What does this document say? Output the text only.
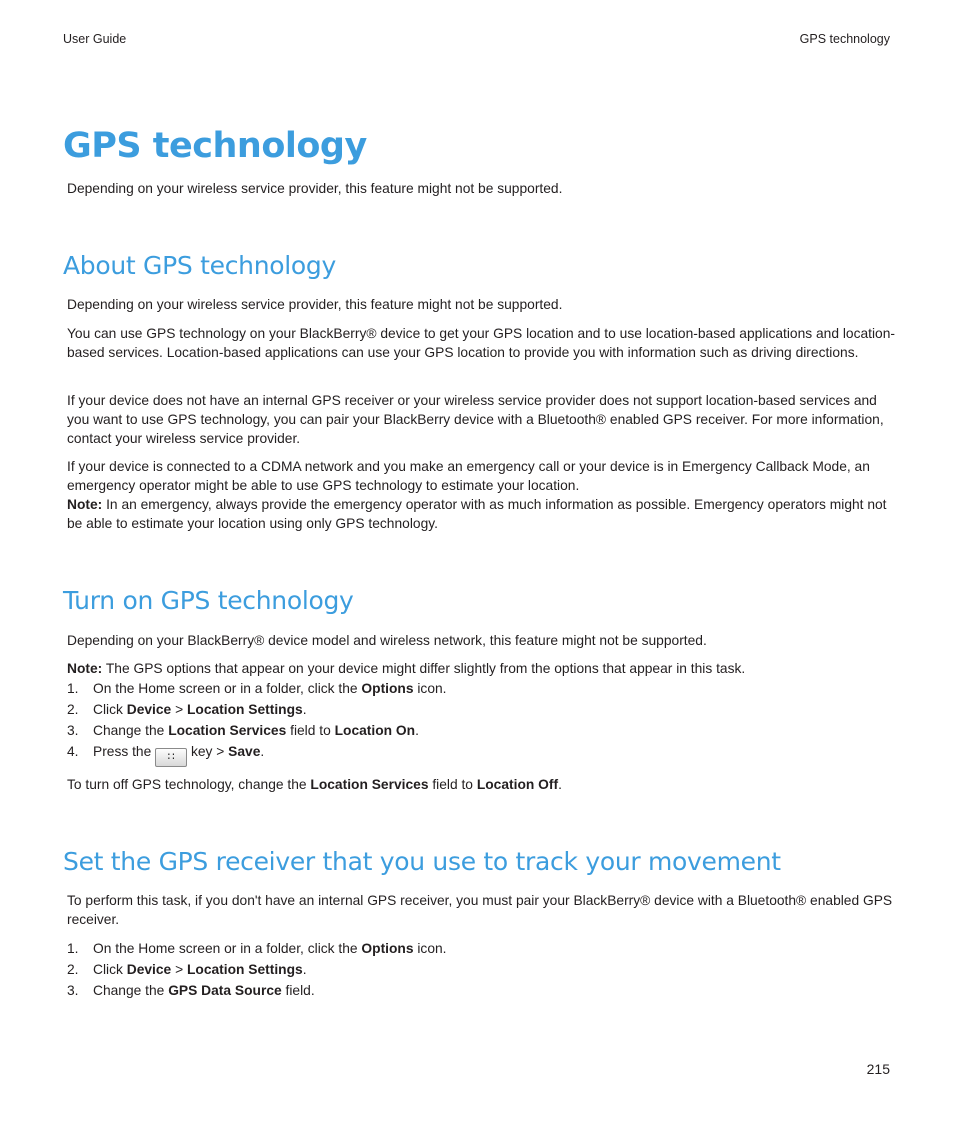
User Guide	GPS technology
GPS technology

Depending on your wireless service provider, this feature might not be supported.

About GPS technology

Depending on your wireless service provider, this feature might not be supported.

You can use GPS technology on your BlackBerry® device to get your GPS location and to use location-based applications and location-based services. Location-based applications can use your GPS location to provide you with information such as driving directions.

If your device does not have an internal GPS receiver or your wireless service provider does not support location-based services and you want to use GPS technology, you can pair your BlackBerry device with a Bluetooth® enabled GPS receiver. For more information, contact your wireless service provider.

If your device is connected to a CDMA network and you make an emergency call or your device is in Emergency Callback Mode, an emergency operator might be able to use GPS technology to estimate your location.
Note: In an emergency, always provide the emergency operator with as much information as possible. Emergency operators might not be able to estimate your location using only GPS technology.

Turn on GPS technology

Depending on your BlackBerry® device model and wireless network, this feature might not be supported.

Note: The GPS options that appear on your device might differ slightly from the options that appear in this task.

1. On the Home screen or in a folder, click the Options icon.
2. Click Device > Location Settings.
3. Change the Location Services field to Location On.
4. Press the ∷ key > Save.

To turn off GPS technology, change the Location Services field to Location Off.

Set the GPS receiver that you use to track your movement

To perform this task, if you don't have an internal GPS receiver, you must pair your BlackBerry® device with a Bluetooth® enabled GPS receiver.

1. On the Home screen or in a folder, click the Options icon.
2. Click Device > Location Settings.
3. Change the GPS Data Source field.
215
